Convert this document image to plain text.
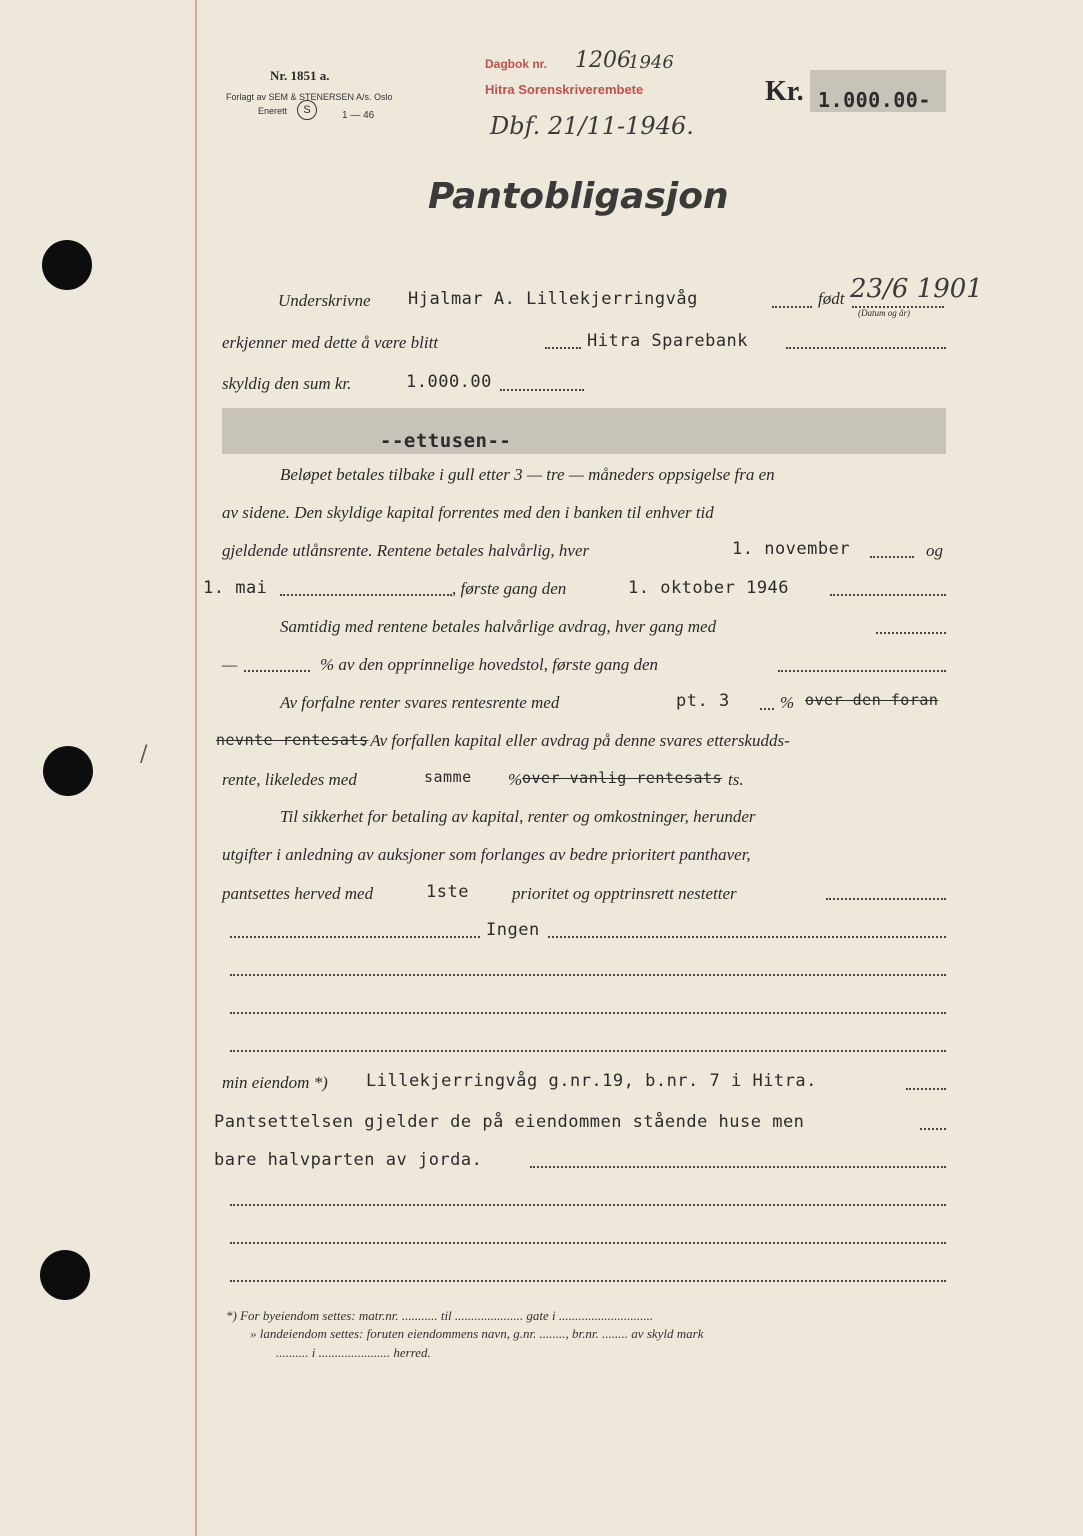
/
Nr. 1851 a.
Forlagt av SEM & STENERSEN A/s. Oslo
Enerett	S	1 — 46
Dagbok nr. 1206
1946
Hitra Sorenskriverembete
Dbf. 21/11-1946.
Kr. 1.000.00-
Pantobligasjon
Underskrivne Hjalmar A. Lillekjerringvåg	født 23/6 1901
(Datum og år)
erkjenner med dette å være blitt	Hitra Sparebank
skyldig den sum kr.	1.000.00
--ettusen--
Beløpet betales tilbake i gull etter 3 — tre — måneders oppsigelse fra en
av sidene. Den skyldige kapital forrentes med den i banken til enhver tid
gjeldende utlånsrente. Rentene betales halvårlig, hver	1. november	og
1. mai	, første gang den	1. oktober 1946
Samtidig med rentene betales halvårlige avdrag, hver gang med
—	% av den opprinnelige hovedstol, første gang den
Av forfalne renter svares rentesrente med	pt. 3	% over den foran
nevnte rentesats
. Av forfallen kapital eller avdrag på denne svares etterskudds-
rente, likeledes med	samme % over vanlig rentesats ts.
Til sikkerhet for betaling av kapital, renter og omkostninger, herunder
utgifter i anledning av auksjoner som forlanges av bedre prioritert panthaver,
pantsettes herved med	1ste	prioritet og opptrinsrett nestetter
Ingen
min eiendom *) Lillekjerringvåg g.nr.19, b.nr. 7 i Hitra.
Pantsettelsen gjelder de på eiendommen stående huse men
bare halvparten av jorda.
*) For byeiendom settes: matr.nr. ........... til ..................... gate i .............................
» landeiendom settes: foruten eiendommens navn, g.nr. ........, br.nr. ........ av skyld mark
.......... i ...................... herred.
